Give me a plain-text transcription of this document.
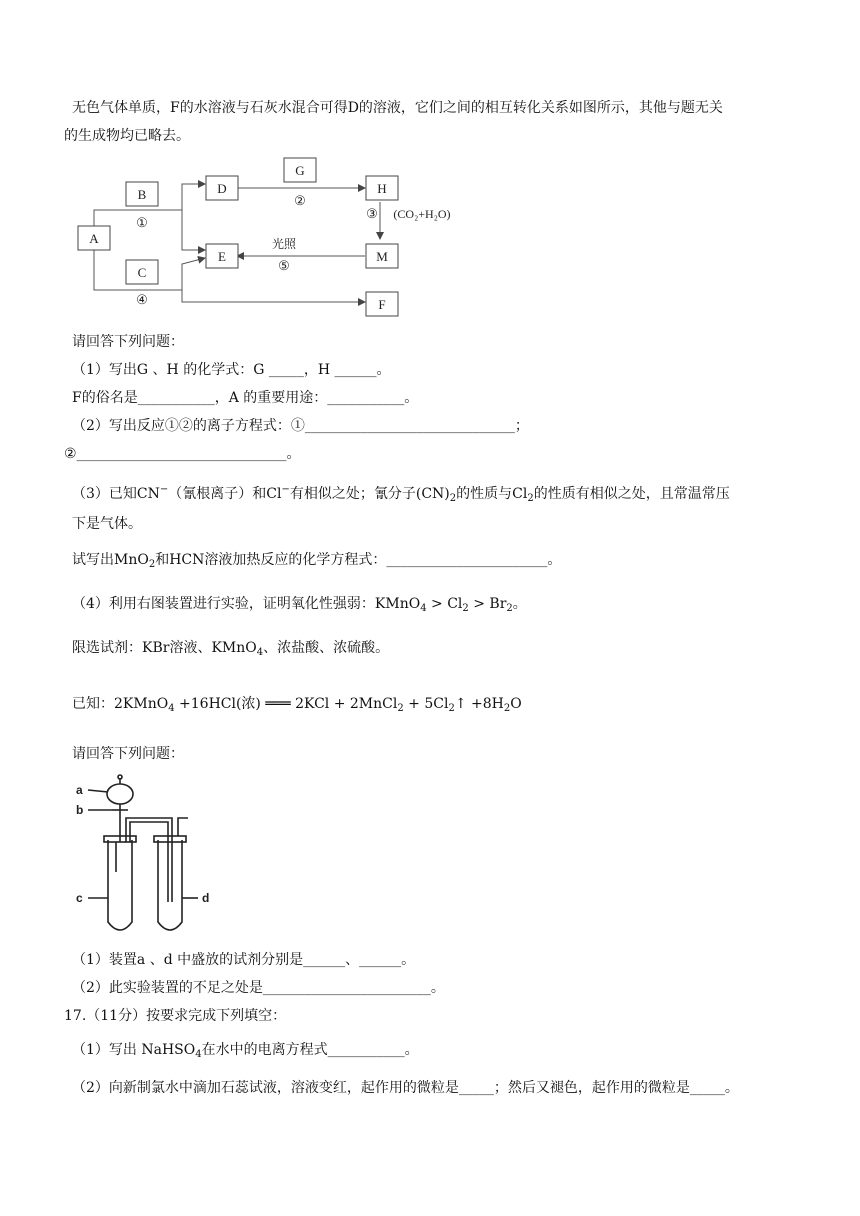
无色气体单质，F的水溶液与石灰水混合可得D的溶液，它们之间的相互转化关系如图所示，其他与题无关
的生成物均已略去。
A
B
C
D
E
F
G
H
M
①
②
③ (CO₂+H₂O)
④
⑤
光照
请回答下列问题：
（1）写出G 、H 的化学式：G _____，H ______。
F的俗名是___________，A 的重要用途：___________。
（2）写出反应①②的离子方程式：①______________________________；
②______________________________。
（3）已知CN−（氰根离子）和Cl−有相似之处；氰分子$(CN)_2$的性质与$Cl_2$的性质有相似之处，且常温常压
下是气体。
试写出MnO$_2$和HCN溶液加热反应的化学方程式：_______________________。
（4）利用右图装置进行实验，证明氧化性强弱：KMnO$_4$ > $Cl_2 > Br_2$。
限选试剂：KBr溶液、KMnO$_4$、浓盐酸、浓硫酸。
已知：2KMnO$_4$ +16HCl(浓) ═══ 2KCl + 2MnCl$_2$ + $5Cl_2↑ +8H_2O$
请回答下列问题：
a
b
c	d
（1）装置a 、d 中盛放的试剂分别是______、______。
（2）此实验装置的不足之处是________________________。
17.（11分）按要求完成下列填空：
（1）写出 NaHSO$_4$在水中的电离方程式___________。
（2）向新制氯水中滴加石蕊试液，溶液变红，起作用的微粒是_____；然后又褪色，起作用的微粒是_____。
